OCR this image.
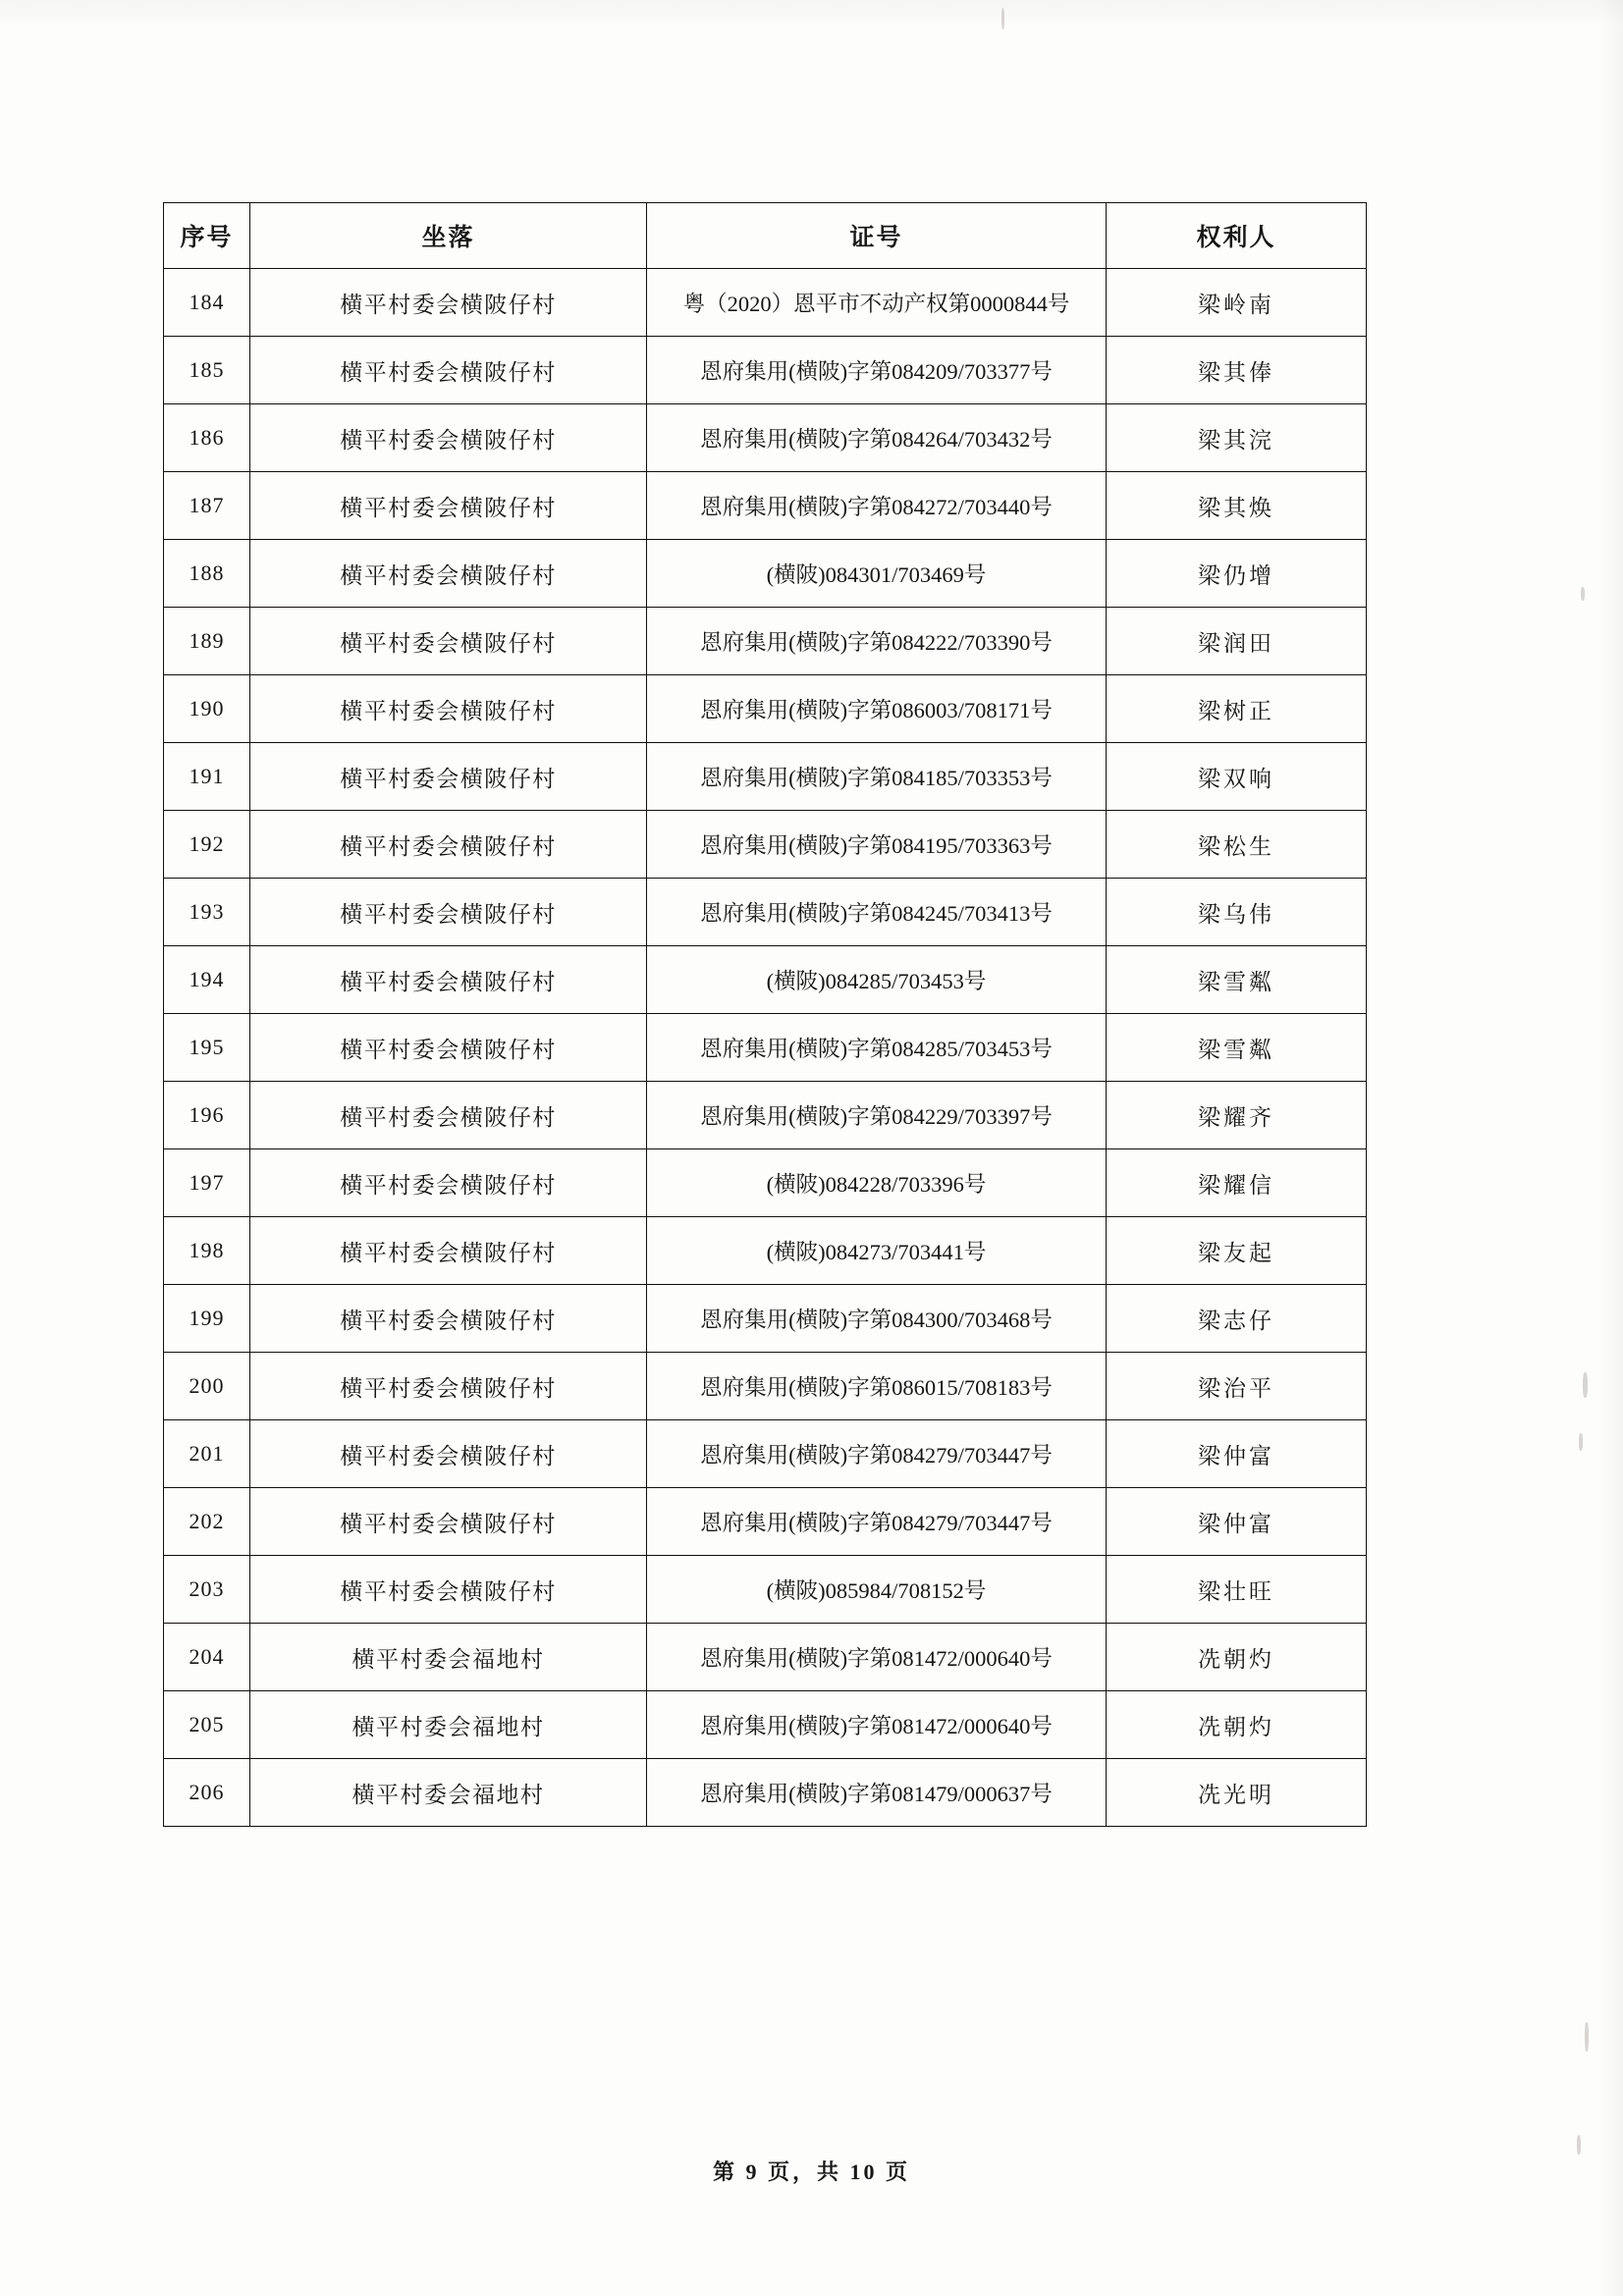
序号	坐落	证号	权利人
184	横平村委会横陂仔村	粤（2020）恩平市不动产权第0000844号	梁岭南
185	横平村委会横陂仔村	恩府集用(横陂)字第084209/703377号	梁其俸
186	横平村委会横陂仔村	恩府集用(横陂)字第084264/703432号	梁其浣
187	横平村委会横陂仔村	恩府集用(横陂)字第084272/703440号	梁其焕
188	横平村委会横陂仔村	(横陂)084301/703469号	梁仍增
189	横平村委会横陂仔村	恩府集用(横陂)字第084222/703390号	梁润田
190	横平村委会横陂仔村	恩府集用(横陂)字第086003/708171号	梁树正
191	横平村委会横陂仔村	恩府集用(横陂)字第084185/703353号	梁双响
192	横平村委会横陂仔村	恩府集用(横陂)字第084195/703363号	梁松生
193	横平村委会横陂仔村	恩府集用(横陂)字第084245/703413号	梁乌伟
194	横平村委会横陂仔村	(横陂)084285/703453号	梁雪粼
195	横平村委会横陂仔村	恩府集用(横陂)字第084285/703453号	梁雪粼
196	横平村委会横陂仔村	恩府集用(横陂)字第084229/703397号	梁耀齐
197	横平村委会横陂仔村	(横陂)084228/703396号	梁耀信
198	横平村委会横陂仔村	(横陂)084273/703441号	梁友起
199	横平村委会横陂仔村	恩府集用(横陂)字第084300/703468号	梁志仔
200	横平村委会横陂仔村	恩府集用(横陂)字第086015/708183号	梁治平
201	横平村委会横陂仔村	恩府集用(横陂)字第084279/703447号	梁仲富
202	横平村委会横陂仔村	恩府集用(横陂)字第084279/703447号	梁仲富
203	横平村委会横陂仔村	(横陂)085984/708152号	梁壮旺
204	横平村委会福地村	恩府集用(横陂)字第081472/000640号	冼朝灼
205	横平村委会福地村	恩府集用(横陂)字第081472/000640号	冼朝灼
206	横平村委会福地村	恩府集用(横陂)字第081479/000637号	冼光明
第 9 页，共 10 页
